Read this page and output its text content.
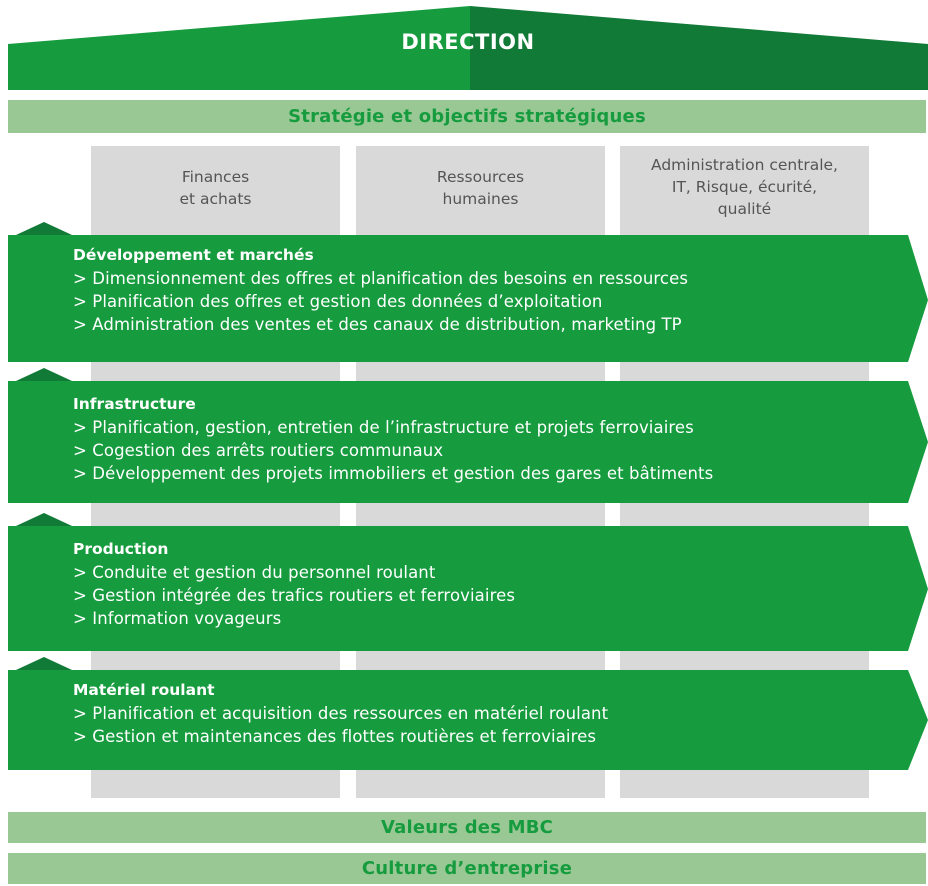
DIRECTION
Stratégie et objectifs stratégiques
Finances
et achats
Ressources
humaines
Administration centrale,
IT, Risque, écurité,
qualité
Développement et marchés
> Dimensionnement des offres et planification des besoins en ressources
> Planification des offres et gestion des données d’exploitation
> Administration des ventes et des canaux de distribution, marketing TP
Infrastructure
> Planification, gestion, entretien de l’infrastructure et projets ferroviaires
> Cogestion des arrêts routiers communaux
> Développement des projets immobiliers et gestion des gares et bâtiments
Production
> Conduite et gestion du personnel roulant
> Gestion intégrée des trafics routiers et ferroviaires
> Information voyageurs
Matériel roulant
> Planification et acquisition des ressources en matériel roulant
> Gestion et maintenances des flottes routières et ferroviaires
Valeurs des MBC
Culture d’entreprise
